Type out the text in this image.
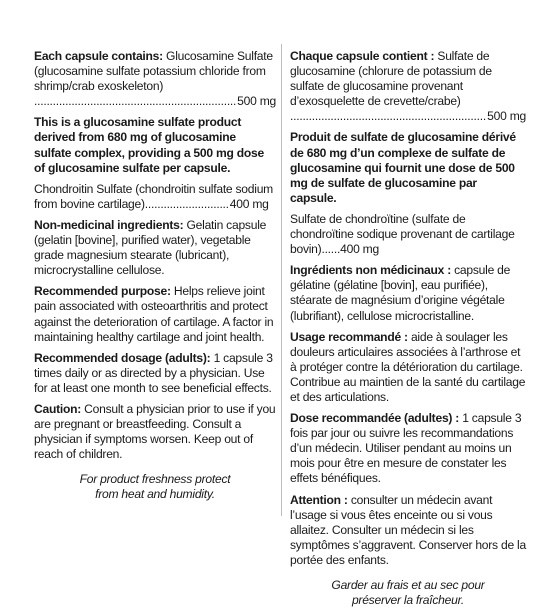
Each capsule contains: Glucosamine Sulfate (glucosamine sulfate potassium chloride from shrimp/crab exoskeleton)
.....
500 mg
This is a glucosamine sulfate product derived from 680 mg of glucosamine sulfate complex, providing a 500 mg dose of glucosamine sulfate per capsule.
Chondroitin Sulfate (chondroitin sulfate sodium from bovine cartilage)...........................400 mg
Non-medicinal ingredients: Gelatin capsule (gelatin [bovine], purified water), vegetable grade magnesium stearate (lubricant), microcrystalline cellulose.
Recommended purpose: Helps relieve joint pain associated with osteoarthritis and protect against the deterioration of cartilage. A factor in maintaining healthy cartilage and joint health.
Recommended dosage (adults): 1 capsule 3 times daily or as directed by a physician. Use for at least one month to see beneficial effects.
Caution: Consult a physician prior to use if you are pregnant or breastfeeding. Consult a physician if symptoms worsen. Keep out of reach of children.
For product freshness protect
from heat and humidity.
Chaque capsule contient : Sulfate de glucosamine (chlorure de potassium de sulfate de glucosamine provenant d’exosquelette de crevette/crabe)
.....
500 mg
Produit de sulfate de glucosamine dérivé de 680 mg d’un complexe de sulfate de glucosamine qui fournit une dose de 500 mg de sulfate de glucosamine par capsule.
Sulfate de chondroïtine (sulfate de chondroïtine sodique provenant de cartilage bovin)......400 mg
Ingrédients non médicinaux : capsule de gélatine (gélatine [bovin], eau purifiée), stéarate de magnésium d’origine végétale (lubrifiant), cellulose microcristalline.
Usage recommandé : aide à soulager les douleurs articulaires associées à l’arthrose et à protéger contre la détérioration du cartilage. Contribue au maintien de la santé du cartilage et des articulations.
Dose recommandée (adultes) : 1 capsule 3 fois par jour ou suivre les recommandations d’un médecin. Utiliser pendant au moins un mois pour être en mesure de constater les effets bénéfiques.
Attention : consulter un médecin avant l’usage si vous êtes enceinte ou si vous allaitez. Consulter un médecin si les symptômes s’aggravent. Conserver hors de la portée des enfants.
Garder au frais et au sec pour
préserver la fraîcheur.
